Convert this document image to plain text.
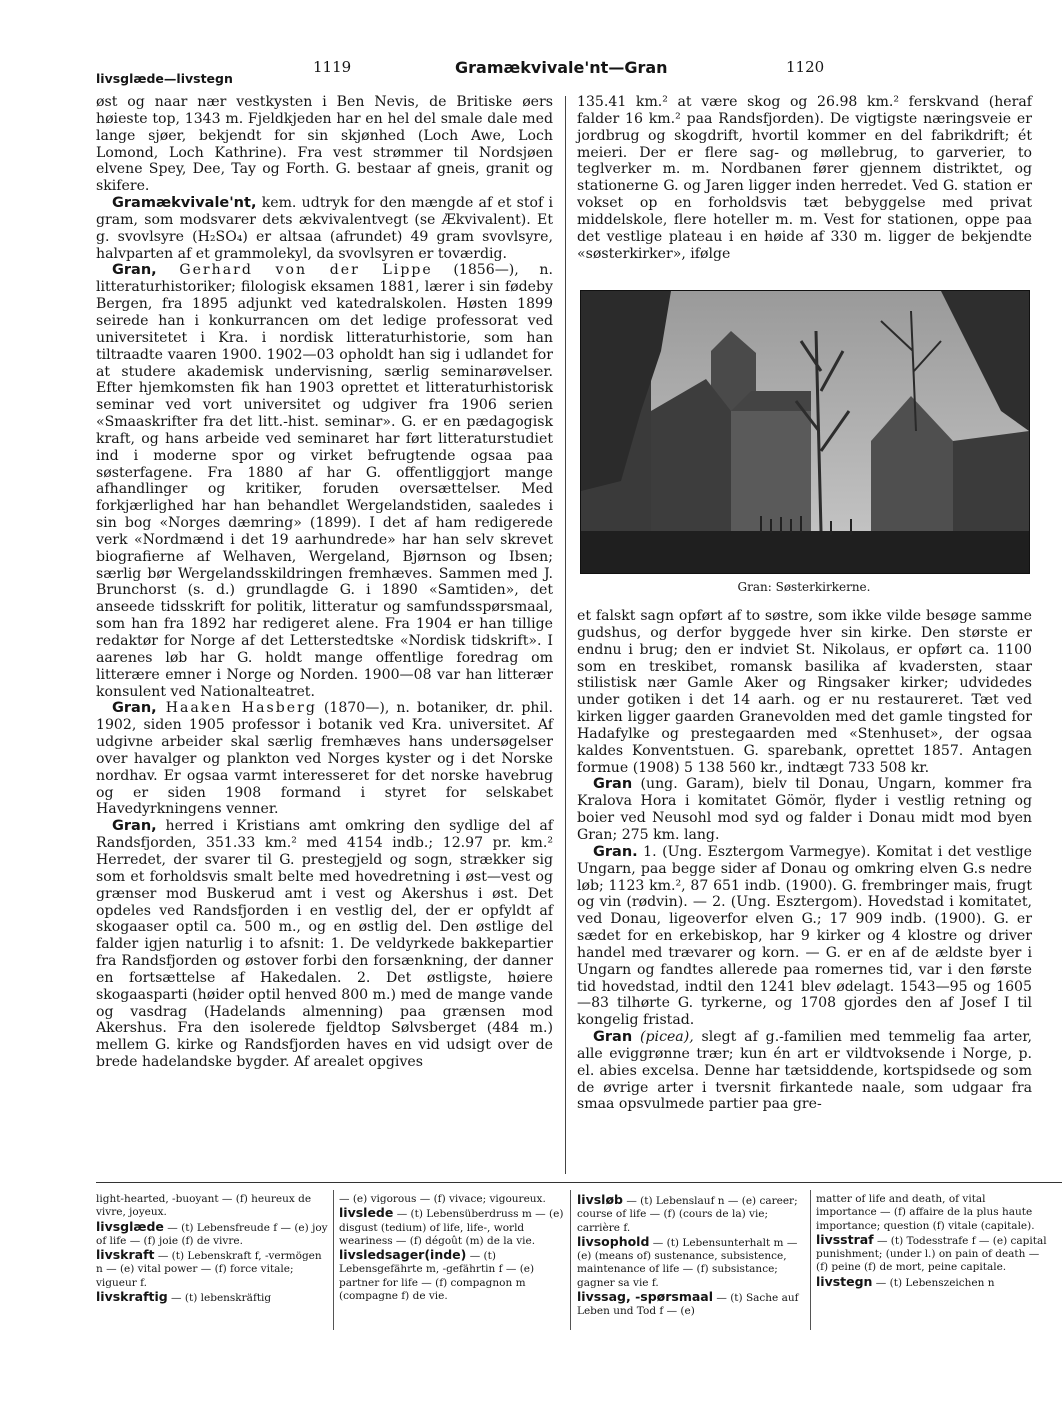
1119	Gramækvivale'nt—Gran	1120
livsglæde—livstegn

øst og naar nær vestkysten i Ben Nevis, de Britiske øers høieste top, 1343 m. Fjeldkjeden har en hel del smale dale med lange sjøer, bekjendt for sin skjønhed (Loch Awe, Loch Lomond, Loch Kathrine). Fra vest strømmer til Nordsjøen elvene Spey, Dee, Tay og Forth. G. bestaar af gneis, granit og skifere.

Gramækvivale'nt, kem. udtryk for den mængde af et stof i gram, som modsvarer dets ækvivalentvegt (se Ækvivalent). Et g. svovlsyre (H₂SO₄) er altsaa (afrundet) 49 gram svovlsyre, halvparten af et grammolekyl, da svovlsyren er toværdig.

Gran, Gerhard von der Lippe (1856—), n. litteraturhistoriker; filologisk eksamen 1881, lærer i sin fødeby Bergen, fra 1895 adjunkt ved katedralskolen. Høsten 1899 seirede han i konkurrancen om det ledige professorat ved universitetet i Kra. i nordisk litteraturhistorie, som han tiltraadte vaaren 1900. 1902—03 opholdt han sig i udlandet for at studere akademisk undervisning, særlig seminarøvelser. Efter hjemkomsten fik han 1903 oprettet et litteraturhistorisk seminar ved vort universitet og udgiver fra 1906 serien «Smaaskrifter fra det litt.-hist. seminar». G. er en pædagogisk kraft, og hans arbeide ved seminaret har ført litteraturstudiet ind i moderne spor og virket befrugtende ogsaa paa søsterfagene. Fra 1880 af har G. offentliggjort mange afhandlinger og kritiker, foruden oversættelser. Med forkjærlighed har han behandlet Wergelandstiden, saaledes i sin bog «Norges dæmring» (1899). I det af ham redigerede verk «Nordmænd i det 19 aarhundrede» har han selv skrevet biografierne af Welhaven, Wergeland, Bjørnson og Ibsen; særlig bør Wergelandsskildringen fremhæves. Sammen med J. Brunchorst (s. d.) grundlagde G. i 1890 «Samtiden», det anseede tidsskrift for politik, litteratur og samfundsspørsmaal, som han fra 1892 har redigeret alene. Fra 1904 er han tillige redaktør for Norge af det Letterstedtske «Nordisk tidskrift». I aarenes løb har G. holdt mange offentlige foredrag om litterære emner i Norge og Norden. 1900—08 var han litterær konsulent ved Nationalteatret.

Gran, Haaken Hasberg (1870—), n. botaniker, dr. phil. 1902, siden 1905 professor i botanik ved Kra. universitet. Af udgivne arbeider skal særlig fremhæves hans undersøgelser over havalger og plankton ved Norges kyster og i det Norske nordhav. Er ogsaa varmt interesseret for det norske havebrug og er siden 1908 formand i styret for selskabet Havedyrkningens venner.

Gran, herred i Kristians amt omkring den sydlige del af Randsfjorden, 351.33 km.² med 4154 indb.; 12.97 pr. km.² Herredet, der svarer til G. prestegjeld og sogn, strækker sig som et forholdsvis smalt belte med hovedretning i øst—vest og grænser mod Buskerud amt i vest og Akershus i øst. Det opdeles ved Randsfjorden i en vestlig del, der er opfyldt af skogaaser optil ca. 500 m., og en østlig del. Den østlige del falder igjen naturlig i to afsnit: 1. De veldyrkede bakkepartier fra Randsfjorden og østover forbi den forsænkning, der danner en fortsættelse af Hakedalen. 2. Det østligste, høiere skogaasparti (høider optil henved 800 m.) med de mange vande og vasdrag (Hadelands almenning) paa grænsen mod Akershus. Fra den isolerede fjeldtop Sølvsberget (484 m.) mellem G. kirke og Randsfjorden haves en vid udsigt over de brede hadelandske bygder. Af arealet opgives

135.41 km.² at være skog og 26.98 km.² ferskvand (heraf falder 16 km.² paa Randsfjorden). De vigtigste næringsveie er jordbrug og skogdrift, hvortil kommer en del fabrikdrift; ét meieri. Der er flere sag- og møllebrug, to garverier, to teglverker m. m. Nordbanen fører gjennem distriktet, og stationerne G. og Jaren ligger inden herredet. Ved G. station er vokset op en forholdsvis tæt bebyggelse med privat middelskole, flere hoteller m. m. Vest for stationen, oppe paa det vestlige plateau i en høide af 330 m. ligger de bekjendte «søsterkirker», ifølge

Gran: Søsterkirkerne.

et falskt sagn opført af to søstre, som ikke vilde besøge samme gudshus, og derfor byggede hver sin kirke. Den største er endnu i brug; den er indviet St. Nikolaus, er opført ca. 1100 som en treskibet, romansk basilika af kvadersten, staar stilistisk nær Gamle Aker og Ringsaker kirker; udvidedes under gotiken i det 14 aarh. og er nu restaureret. Tæt ved kirken ligger gaarden Granevolden med det gamle tingsted for Hadafylke og prestegaarden med «Stenhuset», der ogsaa kaldes Konventstuen. G. sparebank, oprettet 1857. Antagen formue (1908) 5 138 560 kr., indtægt 733 508 kr.

Gran (ung. Garam), bielv til Donau, Ungarn, kommer fra Kralova Hora i komitatet Gömör, flyder i vestlig retning og boier ved Neusohl mod syd og falder i Donau midt mod byen Gran; 275 km. lang.

Gran. 1. (Ung. Esztergom Varmegye). Komitat i det vestlige Ungarn, paa begge sider af Donau og omkring elven G.s nedre løb; 1123 km.², 87 651 indb. (1900). G. frembringer mais, frugt og vin (rødvin). — 2. (Ung. Esztergom). Hovedstad i komitatet, ved Donau, ligeoverfor elven G.; 17 909 indb. (1900). G. er sædet for en erkebiskop, har 9 kirker og 4 klostre og driver handel med trævarer og korn. — G. er en af de ældste byer i Ungarn og fandtes allerede paa romernes tid, var i den første tid hovedstad, indtil den 1241 blev ødelagt. 1543—95 og 1605—83 tilhørte G. tyrkerne, og 1708 gjordes den af Josef I til kongelig fristad.

Gran (picea), slegt af g.-familien med temmelig faa arter, alle eviggrønne trær; kun én art er vildtvoksende i Norge, p. el. abies excelsa. Denne har tætsiddende, kortspidsede og som de øvrige arter i tversnit firkantede naale, som udgaar fra smaa opsvulmede partier paa gre-

light-hearted, -buoyant — (f) heureux de vivre, joyeux.

livsglæde — (t) Lebensfreude f — (e) joy of life — (f) joie (f) de vivre.

livskraft — (t) Lebenskraft f, -vermögen n — (e) vital power — (f) force vitale; vigueur f.

livskraftig — (t) lebenskräftig

— (e) vigorous — (f) vivace; vigoureux.

livslede — (t) Lebensüberdruss m — (e) disgust (tedium) of life, life-, world weariness — (f) dégoût (m) de la vie.

livsledsager(inde) — (t) Lebensgefährte m, -gefährtin f — (e) partner for life — (f) compagnon m (compagne f) de vie.

livsløb — (t) Lebenslauf n — (e) career; course of life — (f) (cours de la) vie; carrière f.

livsophold — (t) Lebensunterhalt m — (e) (means of) sustenance, subsistence, maintenance of life — (f) subsistance; gagner sa vie f.

livssag, -spørsmaal — (t) Sache auf Leben und Tod f — (e)

matter of life and death, of vital importance — (f) affaire de la plus haute importance; question (f) vitale (capitale).

livsstraf — (t) Todesstrafe f — (e) capital punishment; (under l.) on pain of death — (f) peine (f) de mort, peine capitale.

livstegn — (t) Lebenszeichen n
